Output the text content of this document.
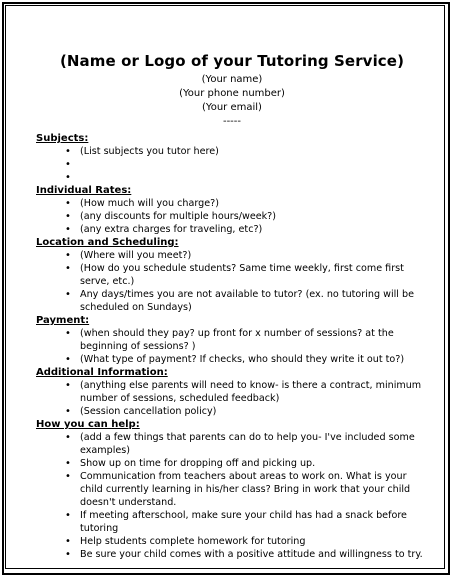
(Name or Logo of your Tutoring Service)
(Your name)
(Your phone number)
(Your email)
-----
Subjects:
• (List subjects you tutor here)
•

•

Individual Rates:
• (How much will you charge?)
• (any discounts for multiple hours/week?)
• (any extra charges for traveling, etc?)
Location and Scheduling:
• (Where will you meet?)
• (How do you schedule students? Same time weekly, first come first serve, etc.)
• Any days/times you are not available to tutor? (ex. no tutoring will be scheduled on Sundays)
Payment:
• (when should they pay? up front for x number of sessions? at the beginning of sessions? )
• (What type of payment? If checks, who should they write it out to?)
Additional Information:
• (anything else parents will need to know- is there a contract, minimum number of sessions, scheduled feedback)
• (Session cancellation policy)
How you can help:
• (add a few things that parents can do to help you- I've included some examples)
• Show up on time for dropping off and picking up.
• Communication from teachers about areas to work on. What is your child currently learning in his/her class? Bring in work that your child doesn't understand.
• If meeting afterschool, make sure your child has had a snack before tutoring
• Help students complete homework for tutoring
• Be sure your child comes with a positive attitude and willingness to try.
